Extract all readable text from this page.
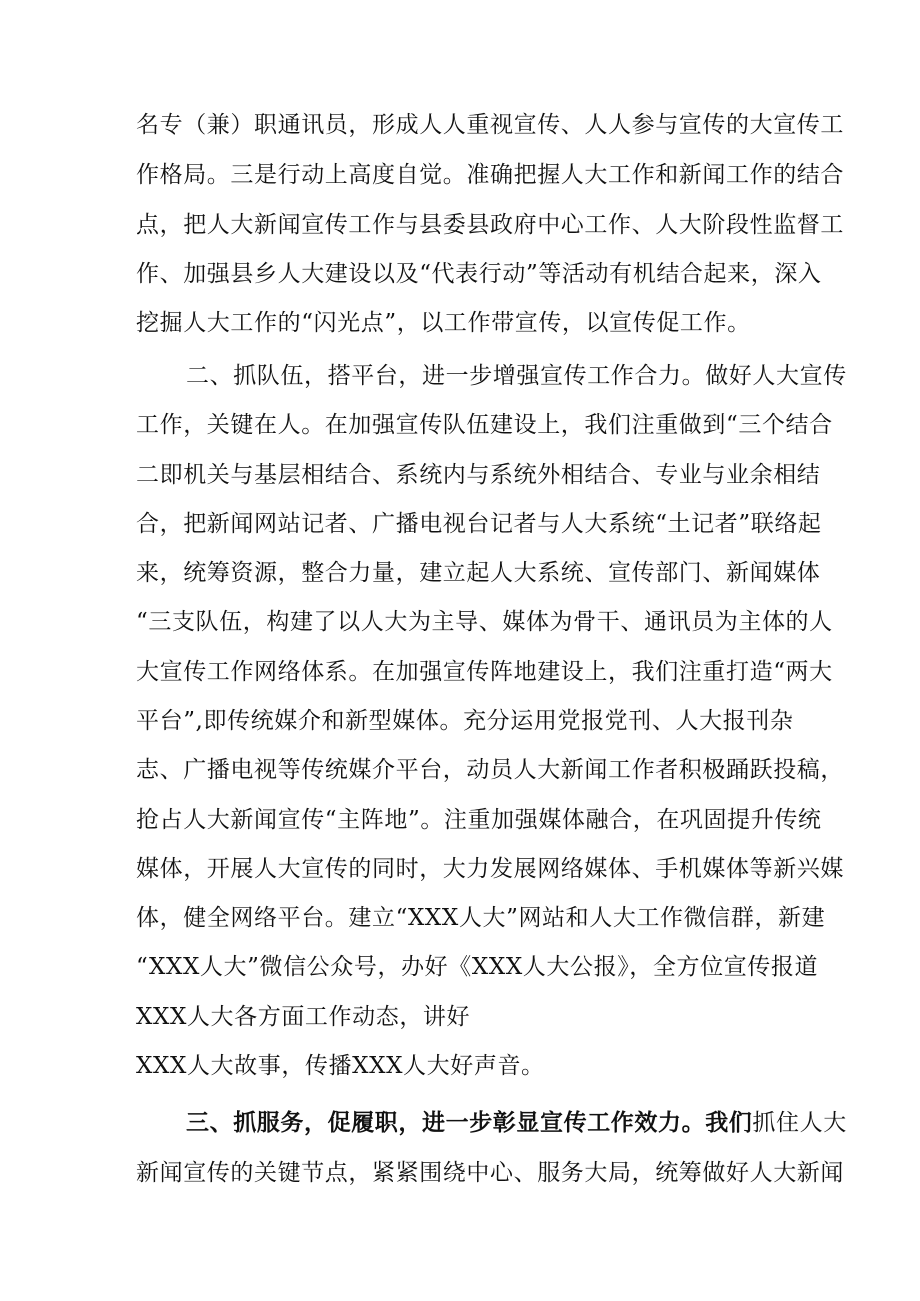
名专（兼）职通讯员，形成人人重视宣传、人人参与宣传的大宣传工
作格局。三是行动上高度自觉。准确把握人大工作和新闻工作的结合
点，把人大新闻宣传工作与县委县政府中心工作、人大阶段性监督工
作、加强县乡人大建设以及“代表行动”等活动有机结合起来，深入
挖掘人大工作的“闪光点”，以工作带宣传，以宣传促工作。
二、抓队伍，搭平台，进一步增强宣传工作合力。做好人大宣传
工作，关键在人。在加强宣传队伍建设上，我们注重做到“三个结合
二即机关与基层相结合、系统内与系统外相结合、专业与业余相结
合，把新闻网站记者、广播电视台记者与人大系统“土记者”联络起
来，统筹资源，整合力量，建立起人大系统、宣传部门、新闻媒体
“三支队伍，构建了以人大为主导、媒体为骨干、通讯员为主体的人
大宣传工作网络体系。在加强宣传阵地建设上，我们注重打造“两大
平台”,即传统媒介和新型媒体。充分运用党报党刊、人大报刊杂
志、广播电视等传统媒介平台，动员人大新闻工作者积极踊跃投稿，
抢占人大新闻宣传“主阵地”。注重加强媒体融合，在巩固提升传统
媒体，开展人大宣传的同时，大力发展网络媒体、手机媒体等新兴媒
体，健全网络平台。建立“XXX人大”网站和人大工作微信群，新建
“XXX人大”微信公众号，办好《XXX人大公报》，全方位宣传报道
XXX人大各方面工作动态，讲好
XXX人大故事，传播XXX人大好声音。
三、抓服务，促履职，进一步彰显宣传工作效力。我们抓住人大
新闻宣传的关键节点，紧紧围绕中心、服务大局，统筹做好人大新闻
